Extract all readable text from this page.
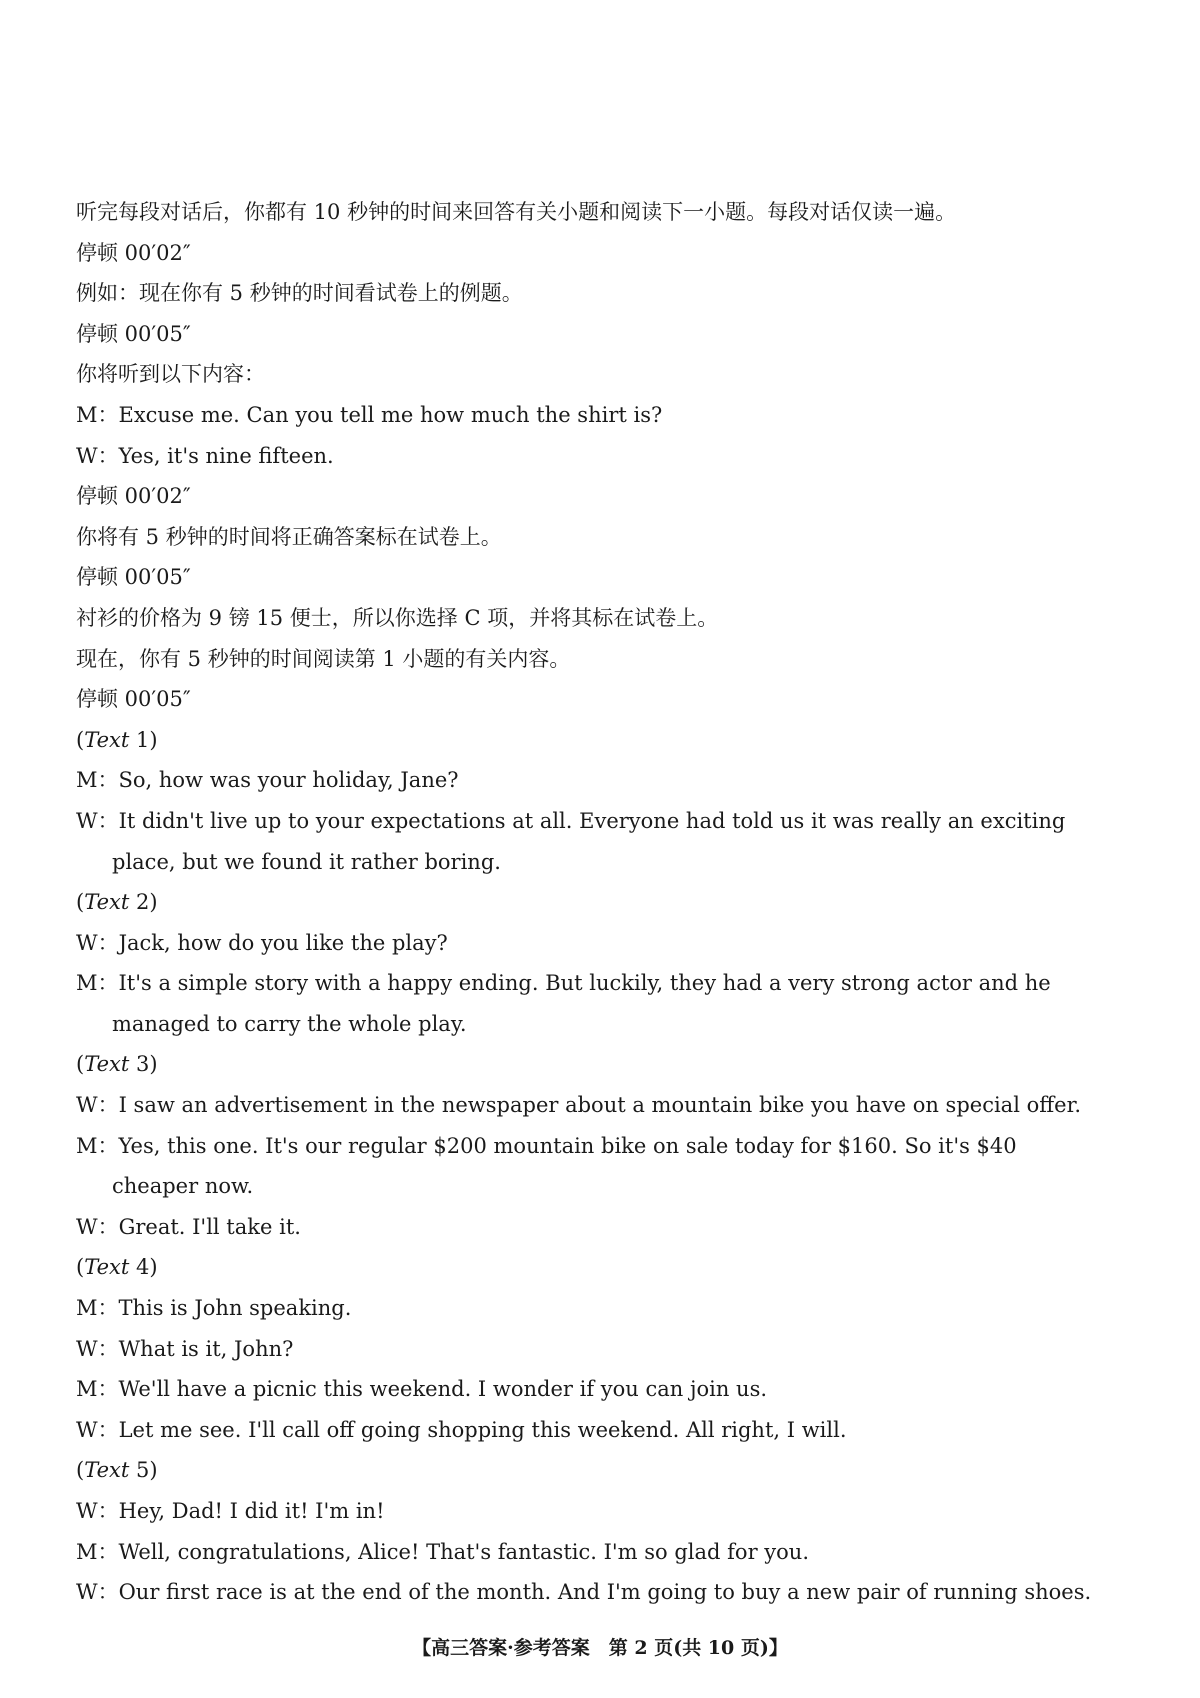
听完每段对话后，你都有 10 秒钟的时间来回答有关小题和阅读下一小题。每段对话仅读一遍。
停顿 00′02″
例如：现在你有 5 秒钟的时间看试卷上的例题。
停顿 00′05″
你将听到以下内容：
M：Excuse me. Can you tell me how much the shirt is?
W：Yes, it's nine fifteen.
停顿 00′02″
你将有 5 秒钟的时间将正确答案标在试卷上。
停顿 00′05″
衬衫的价格为 9 镑 15 便士，所以你选择 C 项，并将其标在试卷上。
现在，你有 5 秒钟的时间阅读第 1 小题的有关内容。
停顿 00′05″
(Text 1)
M：So, how was your holiday, Jane?
W：It didn't live up to your expectations at all. Everyone had told us it was really an exciting place, but we found it rather boring.
(Text 2)
W：Jack, how do you like the play?
M：It's a simple story with a happy ending. But luckily, they had a very strong actor and he managed to carry the whole play.
(Text 3)
W：I saw an advertisement in the newspaper about a mountain bike you have on special offer.
M：Yes, this one. It's our regular $200 mountain bike on sale today for $160. So it's $40 cheaper now.
W：Great. I'll take it.
(Text 4)
M：This is John speaking.
W：What is it, John?
M：We'll have a picnic this weekend. I wonder if you can join us.
W：Let me see. I'll call off going shopping this weekend. All right, I will.
(Text 5)
W：Hey, Dad! I did it! I'm in!
M：Well, congratulations, Alice! That's fantastic. I'm so glad for you.
W：Our first race is at the end of the month. And I'm going to buy a new pair of running shoes.
【高三答案·参考答案　第 2 页(共 10 页)】
